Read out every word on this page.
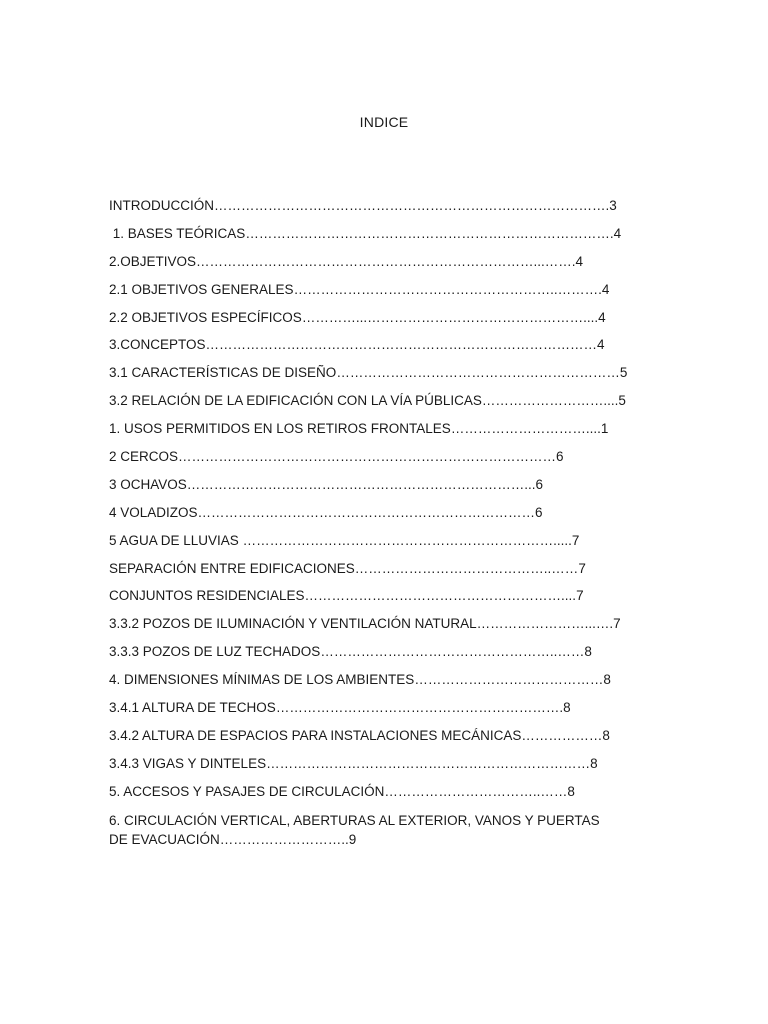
INDICE
INTRODUCCIÓN…………………………………………………………………………….3
1. BASES TEÓRICAS……………………………………………………………………….4
2.OBJETIVOS…………………………………………………………………...…….4
2.1 OBJETIVOS GENERALES…………………………………………………..……….4
2.2 OBJETIVOS ESPECÍFICOS…………...…………………………………………....4
3.CONCEPTOS……………………………………………………………………………4
3.1 CARACTERÍSTICAS DE DISEÑO………………………………………………………5
3.2 RELACIÓN DE LA EDIFICACIÓN CON LA VÍA PÚBLICAS………………………....5
1. USOS PERMITIDOS EN LOS RETIROS FRONTALES…………………………....1
2 CERCOS…………………………………………………………………………6
3 OCHAVOS…………………………………………………………………...6
4 VOLADIZOS…………………………………………………………………6
5 AGUA DE LLUVIAS …………………………………………………………….....7
SEPARACIÓN ENTRE EDIFICACIONES……………………………………..……7
CONJUNTOS RESIDENCIALES…………………………………………………....7
3.3.2 POZOS DE ILUMINACIÓN Y VENTILACIÓN NATURAL……………………...….7
3.3.3 POZOS DE LUZ TECHADOS……………………………………………..……8
4. DIMENSIONES MÍNIMAS DE LOS AMBIENTES……………………………………8
3.4.1 ALTURA DE TECHOS……………………………………………………….8
3.4.2 ALTURA DE ESPACIOS PARA INSTALACIONES MECÁNICAS………………8
3.4.3 VIGAS Y DINTELES………………………………………………………………8
5. ACCESOS Y PASAJES DE CIRCULACIÓN……………………………..……8
6. CIRCULACIÓN VERTICAL, ABERTURAS AL EXTERIOR, VANOS Y PUERTAS DE EVACUACIÓN………………………..9
